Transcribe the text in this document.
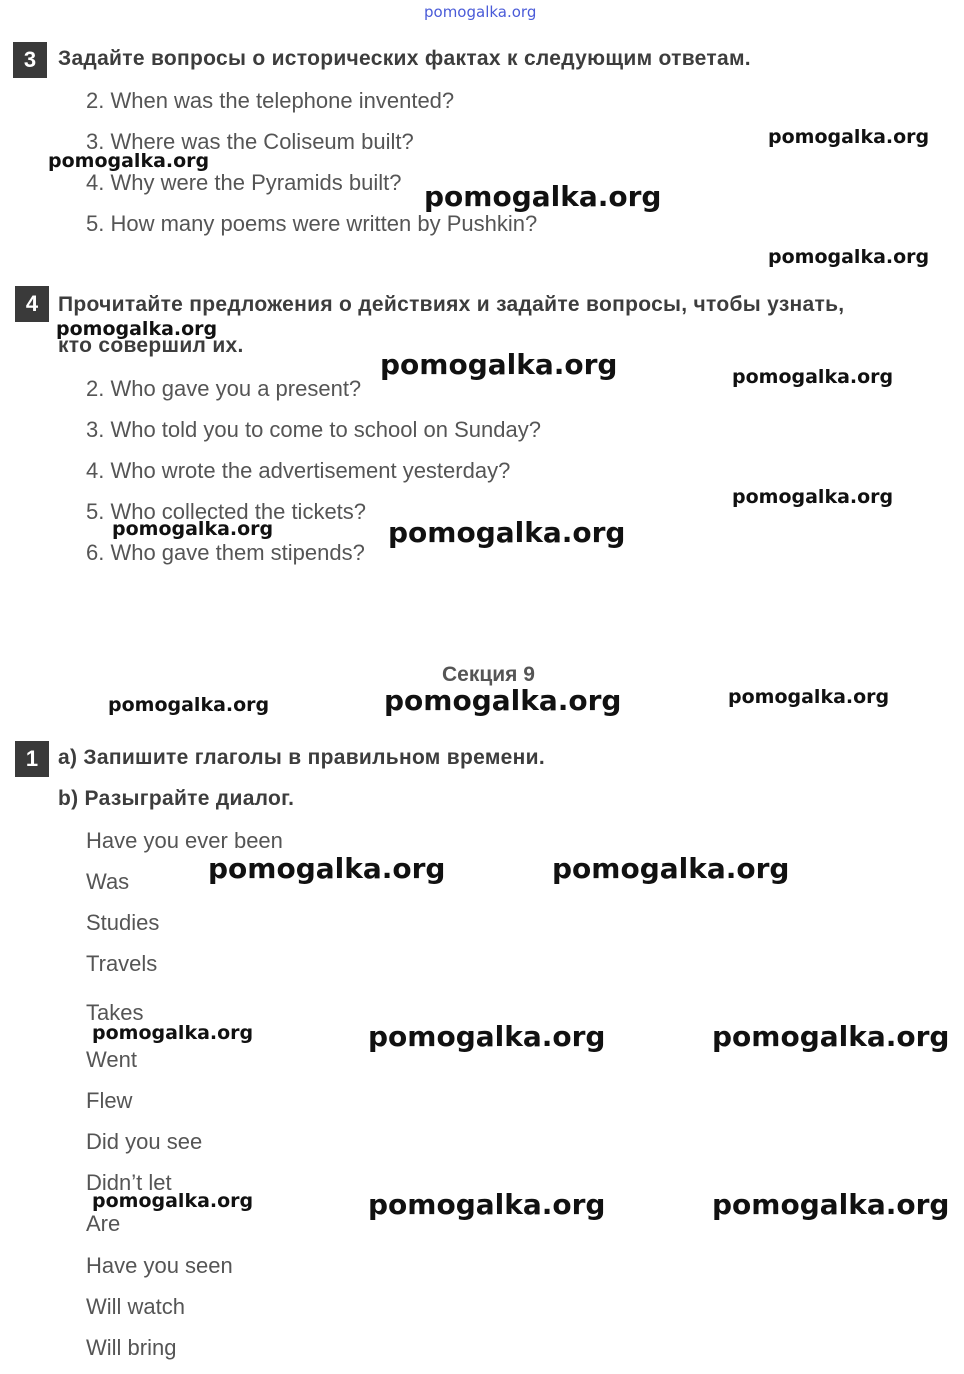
pomogalka.org
3	Задайте вопросы о исторических фактах к следующим ответам.
2. When was the telephone invented?
3. Where was the Coliseum built?
4. Why were the Pyramids built?
5. How many poems were written by Pushkin?
pomogalka.org
pomogalka.org
pomogalka.org
pomogalka.org
4 Прочитайте предложения о действиях и задайте вопросы, чтобы узнать,
кто совершил их.
2. Who gave you a present?
3. Who told you to come to school on Sunday?
4. Who wrote the advertisement yesterday?
5. Who collected the tickets?
6. Who gave them stipends?
pomogalka.org
pomogalka.org	pomogalka.org
pomogalka.org
pomogalka.org	pomogalka.org
Секция 9
pomogalka.org	pomogalka.org	pomogalka.org
1 a) Запишите глаголы в правильном времени.
b) Разыграйте диалог.
Have you ever been
Was
Studies
Travels
Takes
Went
Flew
Did you see
Didn’t let
Are
Have you seen
Will watch
Will bring
pomogalka.org	pomogalka.org
pomogalka.org	pomogalka.org	pomogalka.org
pomogalka.org	pomogalka.org	pomogalka.org
